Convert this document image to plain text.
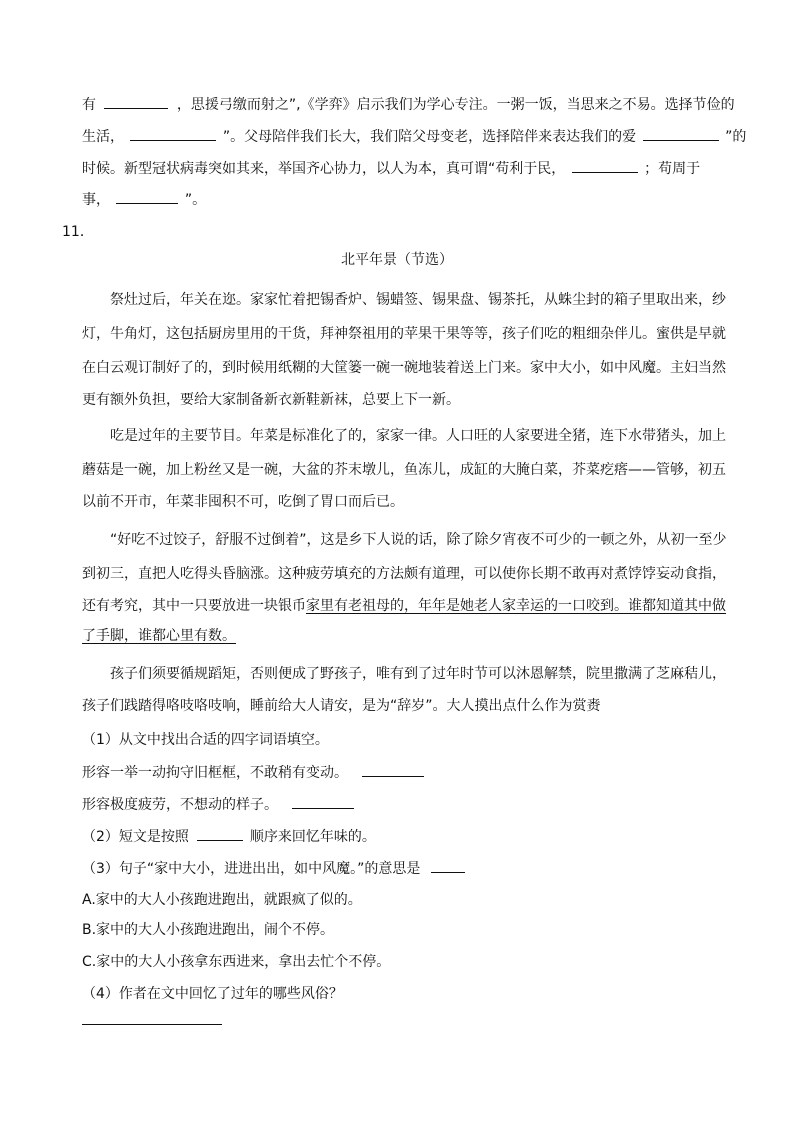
有	，思援弓缴而射之”,《学弈》启示我们为学心专注。一粥一饭，当思来之不易。选择节俭的
生活，	”。父母陪伴我们长大，我们陪父母变老，选择陪伴来表达我们的爱	”的
时候。新型冠状病毒突如其来，举国齐心协力，以人为本，真可谓“苟利于民，	；苟周于
事，	”。
11．
北平年景（节选）
祭灶过后，年关在迩。家家忙着把锡香炉、锡蜡签、锡果盘、锡茶托，从蛛尘封的箱子里取出来，纱
灯，牛角灯，这包括厨房里用的干货，拜神祭祖用的苹果干果等等，孩子们吃的粗细杂伴儿。蜜供是早就
在白云观订制好了的，到时候用纸糊的大筐篓一碗一碗地装着送上门来。家中大小，如中风魔。主妇当然
更有额外负担，要给大家制备新衣新鞋新袜，总要上下一新。
吃是过年的主要节目。年菜是标准化了的，家家一律。人口旺的人家要进全猪，连下水带猪头，加上
蘑菇是一碗，加上粉丝又是一碗，大盆的芥末墩儿，鱼冻儿，成缸的大腌白菜，芥菜疙瘩——管够，初五
以前不开市，年菜非囤积不可，吃倒了胃口而后已。
“好吃不过饺子，舒服不过倒着”，这是乡下人说的话，除了除夕宵夜不可少的一顿之外，从初一至少
到初三，直把人吃得头昏脑涨。这种疲劳填充的方法颇有道理，可以使你长期不敢再对煮饽饽妄动食指，
还有考究，其中一只要放进一块银币家里有老祖母的，年年是她老人家幸运的一口咬到。谁都知道其中做
了手脚，谁都心里有数。
孩子们须要循规蹈矩，否则便成了野孩子，唯有到了过年时节可以沐恩解禁，院里撒满了芝麻秸儿，
孩子们践踏得咯吱咯吱响，睡前给大人请安，是为“辞岁”。大人摸出点什么作为赏赉
（1）从文中找出合适的四字词语填空。
形容一举一动拘守旧框框，不敢稍有变动。
形容极度疲劳，不想动的样子。
（2）短文是按照	顺序来回忆年味的。
（3）句子“家中大小，进进出出，如中风魔。”的意思是
A.家中的大人小孩跑进跑出，就跟疯了似的。
B.家中的大人小孩跑进跑出，闹个不停。
C.家中的大人小孩拿东西进来，拿出去忙个不停。
（4）作者在文中回忆了过年的哪些风俗？
